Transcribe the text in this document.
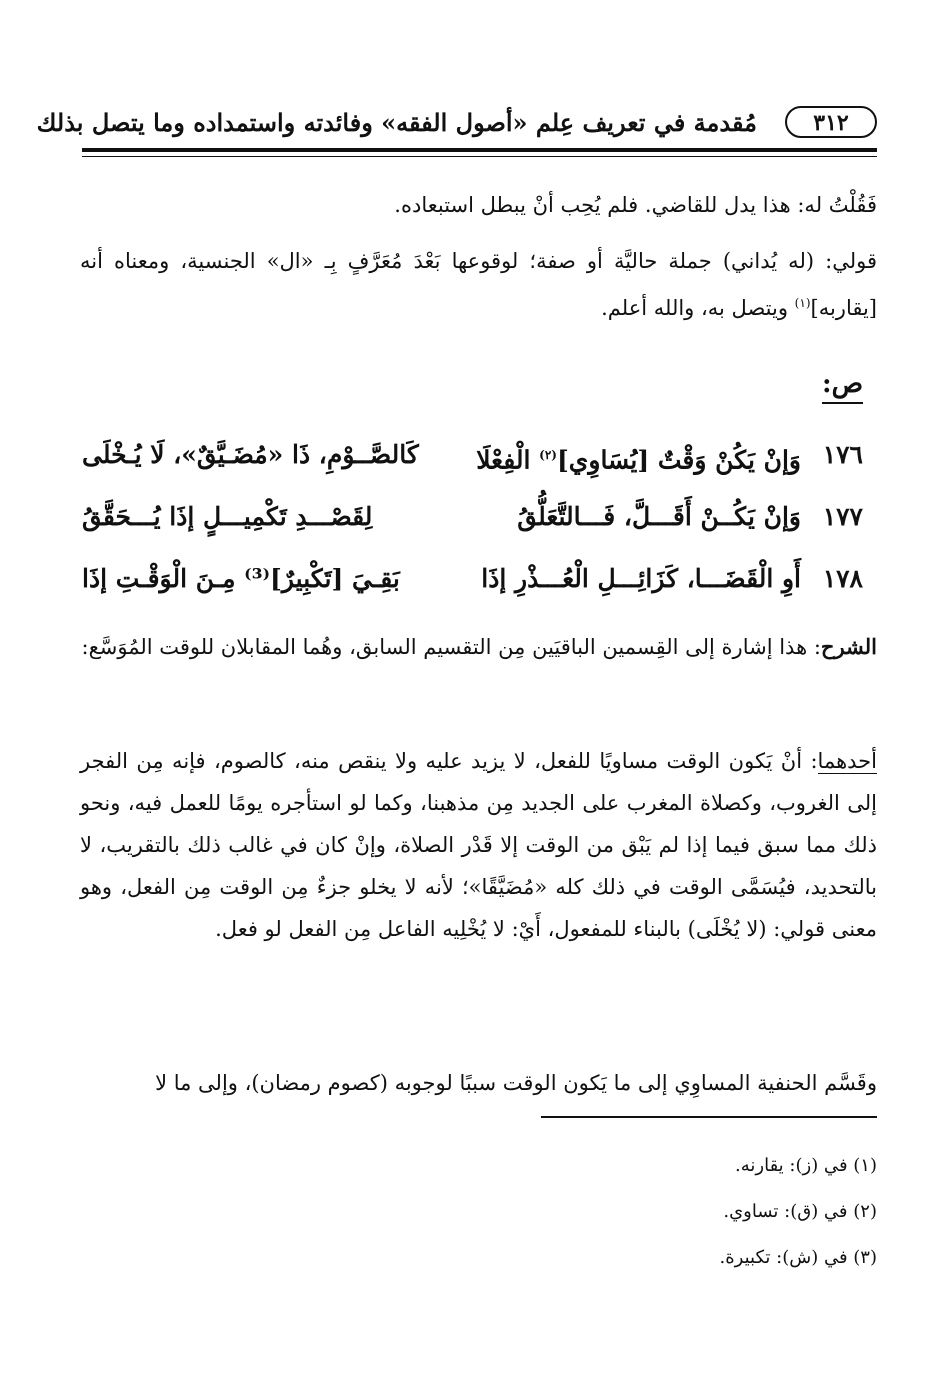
٣١٢
مُقدمة في تعريف عِلم «أصول الفقه» وفائدته واستمداده وما يتصل بذلك
فَقُلْتُ له: هذا يدل للقاضي. فلم يُحِب أنْ يبطل استبعاده.
قولي: (له يُداني) جملة حاليَّة أو صفة؛ لوقوعها بَعْدَ مُعَرَّفٍ بِـ «ال» الجنسية، ومعناه أنه [يقاربه]$^{(١)}$ ويتصل به، والله أعلم.
ص:
١٧٦
وَإنْ يَكُنْ وَقْتٌ [يُسَاوِي]$^{(٢)}$ الْفِعْلَا
كَالصَّــوْمِ، ذَا «مُضَـيَّقٌ»، لَا يُـخْلَى
١٧٧
وَإنْ يَكُــنْ أَقَـــلَّ، فَـــالتَّعَلُّقُ
لِقَصْـــدِ تَكْمِيـــلٍ إذَا يُـــحَقَّقُ
١٧٨
أَوِ الْقَضَـــا، كَزَائِـــلِ الْعُـــذْرِ إذَا
بَقِـيَ [تَكْبِيرٌ]⁽³⁾ مِـنَ الْوَقْـتِ إذَا
الشرح: هذا إشارة إلى القِسمين الباقيَين مِن التقسيم السابق، وهُما المقابلان للوقت المُوَسَّع:
أحدهما: أنْ يَكون الوقت مساويًا للفعل، لا يزيد عليه ولا ينقص منه، كالصوم، فإنه مِن الفجر إلى الغروب، وكصلاة المغرب على الجديد مِن مذهبنا، وكما لو استأجره يومًا للعمل فيه، ونحو ذلك مما سبق فيما إذا لم يَبْق من الوقت إلا قَدْر الصلاة، وإنْ كان في غالب ذلك بالتقريب، لا بالتحديد، فيُسَمَّى الوقت في ذلك كله «مُضَيَّقًا»؛ لأنه لا يخلو جزءٌ مِن الوقت مِن الفعل، وهو معنى قولي: (لا يُخْلَى) بالبناء للمفعول، أَيْ: لا يُخْلِيه الفاعل مِن الفعل لو فعل.
وقَسَّم الحنفية المساوِي إلى ما يَكون الوقت سببًا لوجوبه (كصوم رمضان)، وإلى ما لا
(١) في (ز): يقارنه.
(٢) في (ق): تساوي.
(٣) في (ش): تكبيرة.
